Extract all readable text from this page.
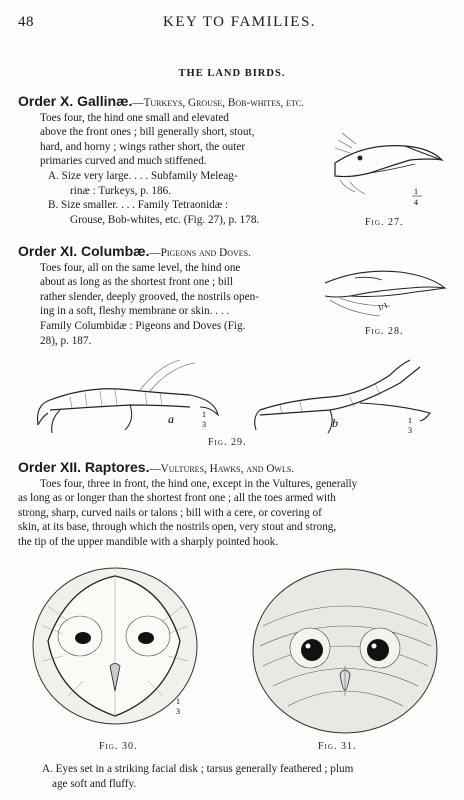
48	KEY TO FAMILIES.
THE LAND BIRDS.

Order X. Gallinæ.—Turkeys, Grouse, Bob-whites, etc.

Toes four, the hind one small and elevated

above the front ones ; bill generally short, stout,

hard, and horny ; wings rather short, the outer

primaries curved and much stiffened.

A. Size very large. . . . Subfamily Meleag-

rinæ : Turkeys, p. 186.

B. Size smaller. . . . Family Tetraonidæ :

Grouse, Bob-whites, etc. (Fig. 27), p. 178.

1
4
Fig. 27.

Order XI. Columbæ.—Pigeons and Doves.

Toes four, all on the same level, the hind one

about as long as the shortest front one ; bill

rather slender, deeply grooved, the nostrils open-

ing in a soft, fleshy membrane or skin. . . .

Family Columbidæ : Pigeons and Doves (Fig.

28), p. 187.

1/1
Fig. 28.
a	1
3	b	1
3
Fig. 29.

Order XII. Raptores.—Vultures, Hawks, and Owls.

Toes four, three in front, the hind one, except in the Vultures, generally

as long as or longer than the shortest front one ; all the toes armed with

strong, sharp, curved nails or talons ; bill with a cere, or covering of

skin, at its base, through which the nostrils open, very stout and strong,

the tip of the upper mandible with a sharply pointed hook.

1
3
Fig. 30.	Fig. 31.

A. Eyes set in a striking facial disk ; tarsus generally feathered ; plum

age soft and fluffy.
